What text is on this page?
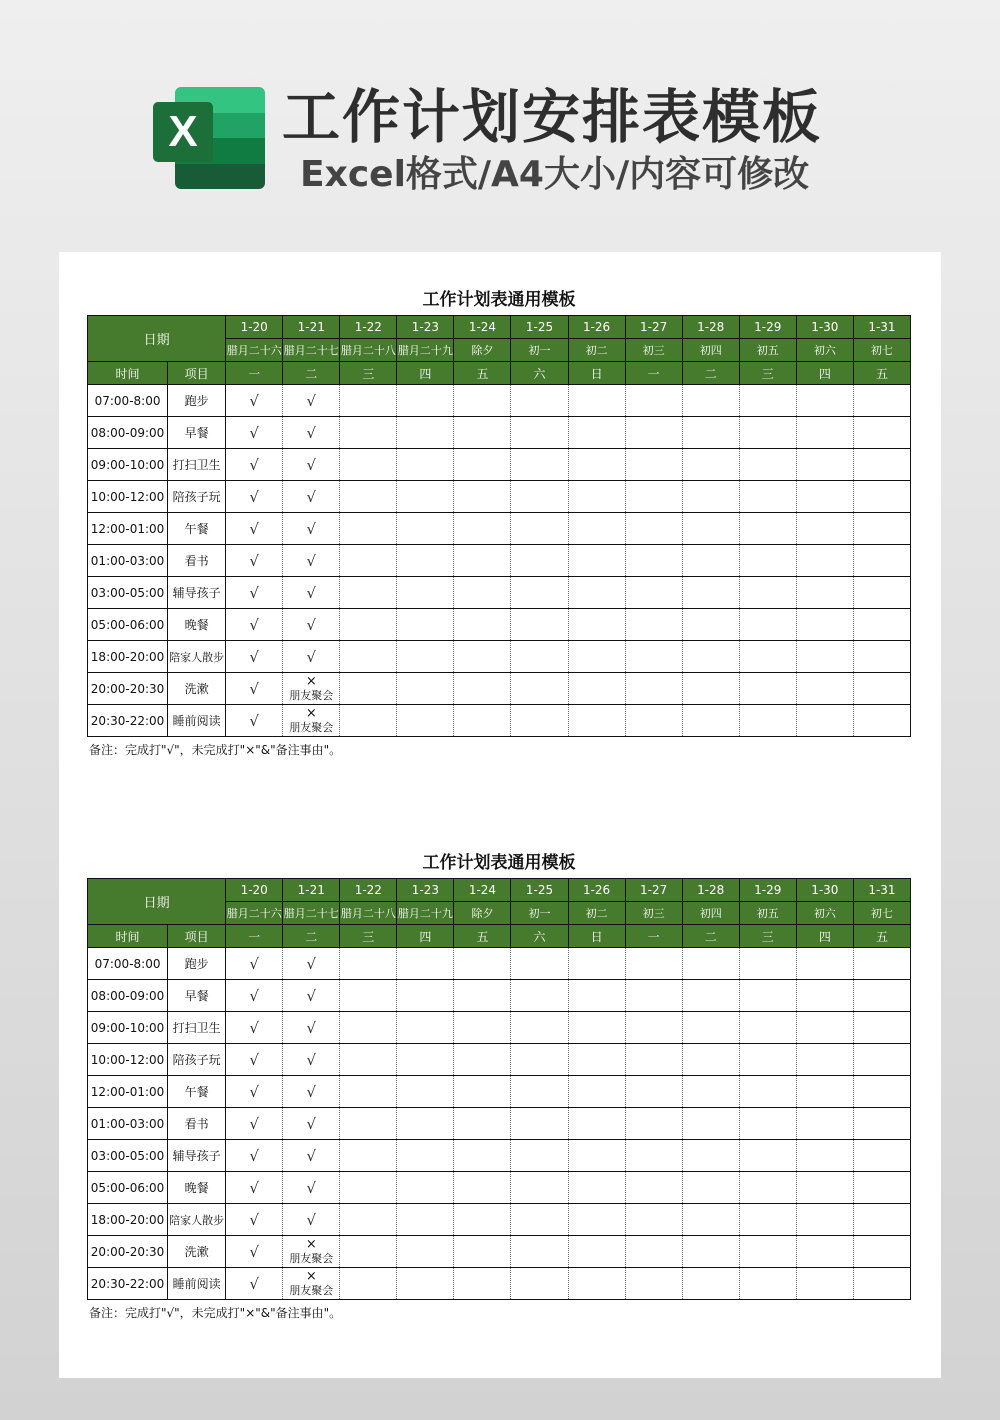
X 工作计划安排表模板
Excel格式/A4大小/内容可修改
工作计划表通用模板
日期		1-20	1-21	1-22	1-23	1-24	1-25	1-26	1-27	1-28	1-29	1-30	1-31
		腊月二十六	腊月二十七	腊月二十八	腊月二十九	除夕	初一	初二	初三	初四	初五	初六	初七
时间	项目	一	二	三	四	五	六	日	一	二	三	四	五
07:00-8:00	跑步	√	√										
08:00-09:00	早餐	√	√										
09:00-10:00	打扫卫生	√	√										
10:00-12:00	陪孩子玩	√	√										
12:00-01:00	午餐	√	√										
01:00-03:00	看书	√	√										
03:00-05:00	辅导孩子	√	√										
05:00-06:00	晚餐	√	√										
18:00-20:00	陪家人散步	√	√										
20:00-20:30	洗漱	√	×
朋友聚会										

20:30-22:00	睡前阅读	√	×
朋友聚会										

备注：完成打"√"，未完成打"×"&"备注事由"。
工作计划表通用模板
日期		1-20	1-21	1-22	1-23	1-24	1-25	1-26	1-27	1-28	1-29	1-30	1-31
		腊月二十六	腊月二十七	腊月二十八	腊月二十九	除夕	初一	初二	初三	初四	初五	初六	初七
时间	项目	一	二	三	四	五	六	日	一	二	三	四	五
07:00-8:00	跑步	√	√										
08:00-09:00	早餐	√	√										
09:00-10:00	打扫卫生	√	√										
10:00-12:00	陪孩子玩	√	√										
12:00-01:00	午餐	√	√										
01:00-03:00	看书	√	√										
03:00-05:00	辅导孩子	√	√										
05:00-06:00	晚餐	√	√										
18:00-20:00	陪家人散步	√	√										
20:00-20:30	洗漱	√	×
朋友聚会										

20:30-22:00	睡前阅读	√	×
朋友聚会										

备注：完成打"√"，未完成打"×"&"备注事由"。
